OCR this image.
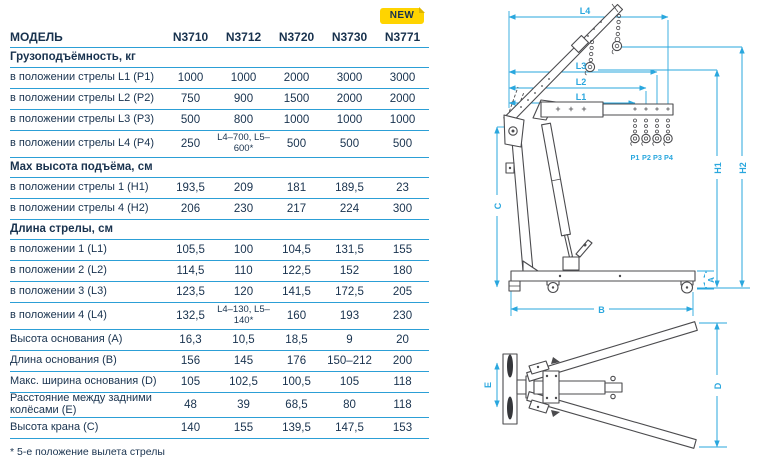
NEW
МОДЕЛЬ	N3710	N3712	N3720	N3730	N3771
Грузоподъёмность, кг					
в положении стрелы L1 (P1)	1000	1000	2000	3000	3000
в положении стрелы L2 (P2)	750	900	1500	2000	2000
в положении стрелы L3 (P3)	500	800	1000	1000	1000
в положении стрелы L4 (P4)	250	L4–700, L5–600*	500	500	500
Max высота подъёма, см					
в положении стрелы 1 (H1)	193,5	209	181	189,5	23
в положении стрелы 4 (H2)	206	230	217	224	300
Длина стрелы, см					
в положении 1 (L1)	105,5	100	104,5	131,5	155
в положении 2 (L2)	114,5	110	122,5	152	180
в положении 3 (L3)	123,5	120	141,5	172,5	205
в положении 4 (L4)	132,5	L4–130, L5–140*	160	193	230
Высота основания (A)	16,3	10,5	18,5	9	20
Длина основания (B)	156	145	176	150–212	200
Макс. ширина основания (D)	105	102,5	100,5	105	118
Расстояние между задними колёсами (E)	48	39	68,5	80	118
Высота крана (C)	140	155	139,5	147,5	153
* 5-е положение вылета стрелы
L4
L3
L2
L1
H1 H2
C
A
B
E	D
P1 P2 P3 P4
